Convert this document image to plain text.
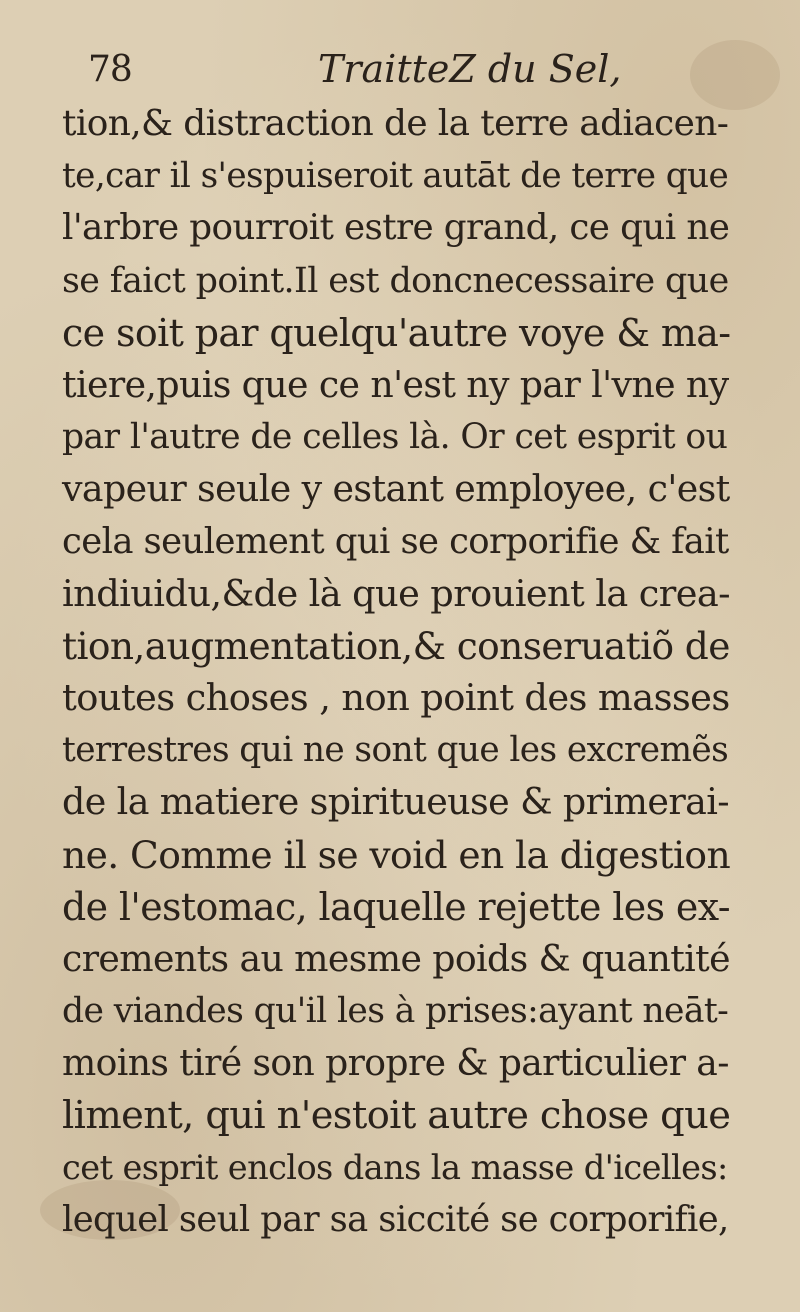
78	TraitteZ du Sel,
tion,& distraction de la terre adiacen-
te,car il s'espuiseroit autāt de terre que
l'arbre pourroit estre grand, ce qui ne
se faict point.Il est doncnecessaire que
ce soit par quelqu'autre voye & ma-
tiere,puis que ce n'est ny par l'vne ny
par l'autre de celles là. Or cet esprit ou
vapeur seule y estant employee, c'est
cela seulement qui se corporifie & fait
indiuidu,&de là que prouient la crea-
tion,augmentation,& conseruatiõ de
toutes choses , non point des masses
terrestres qui ne sont que les excremẽs
de la matiere spiritueuse & primerai-
ne. Comme il se void en la digestion
de l'estomac, laquelle rejette les ex-
crements au mesme poids & quantité
de viandes qu'il les à prises:ayant neāt-
moins tiré son propre & particulier a-
liment, qui n'estoit autre chose que
cet esprit enclos dans la masse d'icelles:
lequel seul par sa siccité se corporifie,
